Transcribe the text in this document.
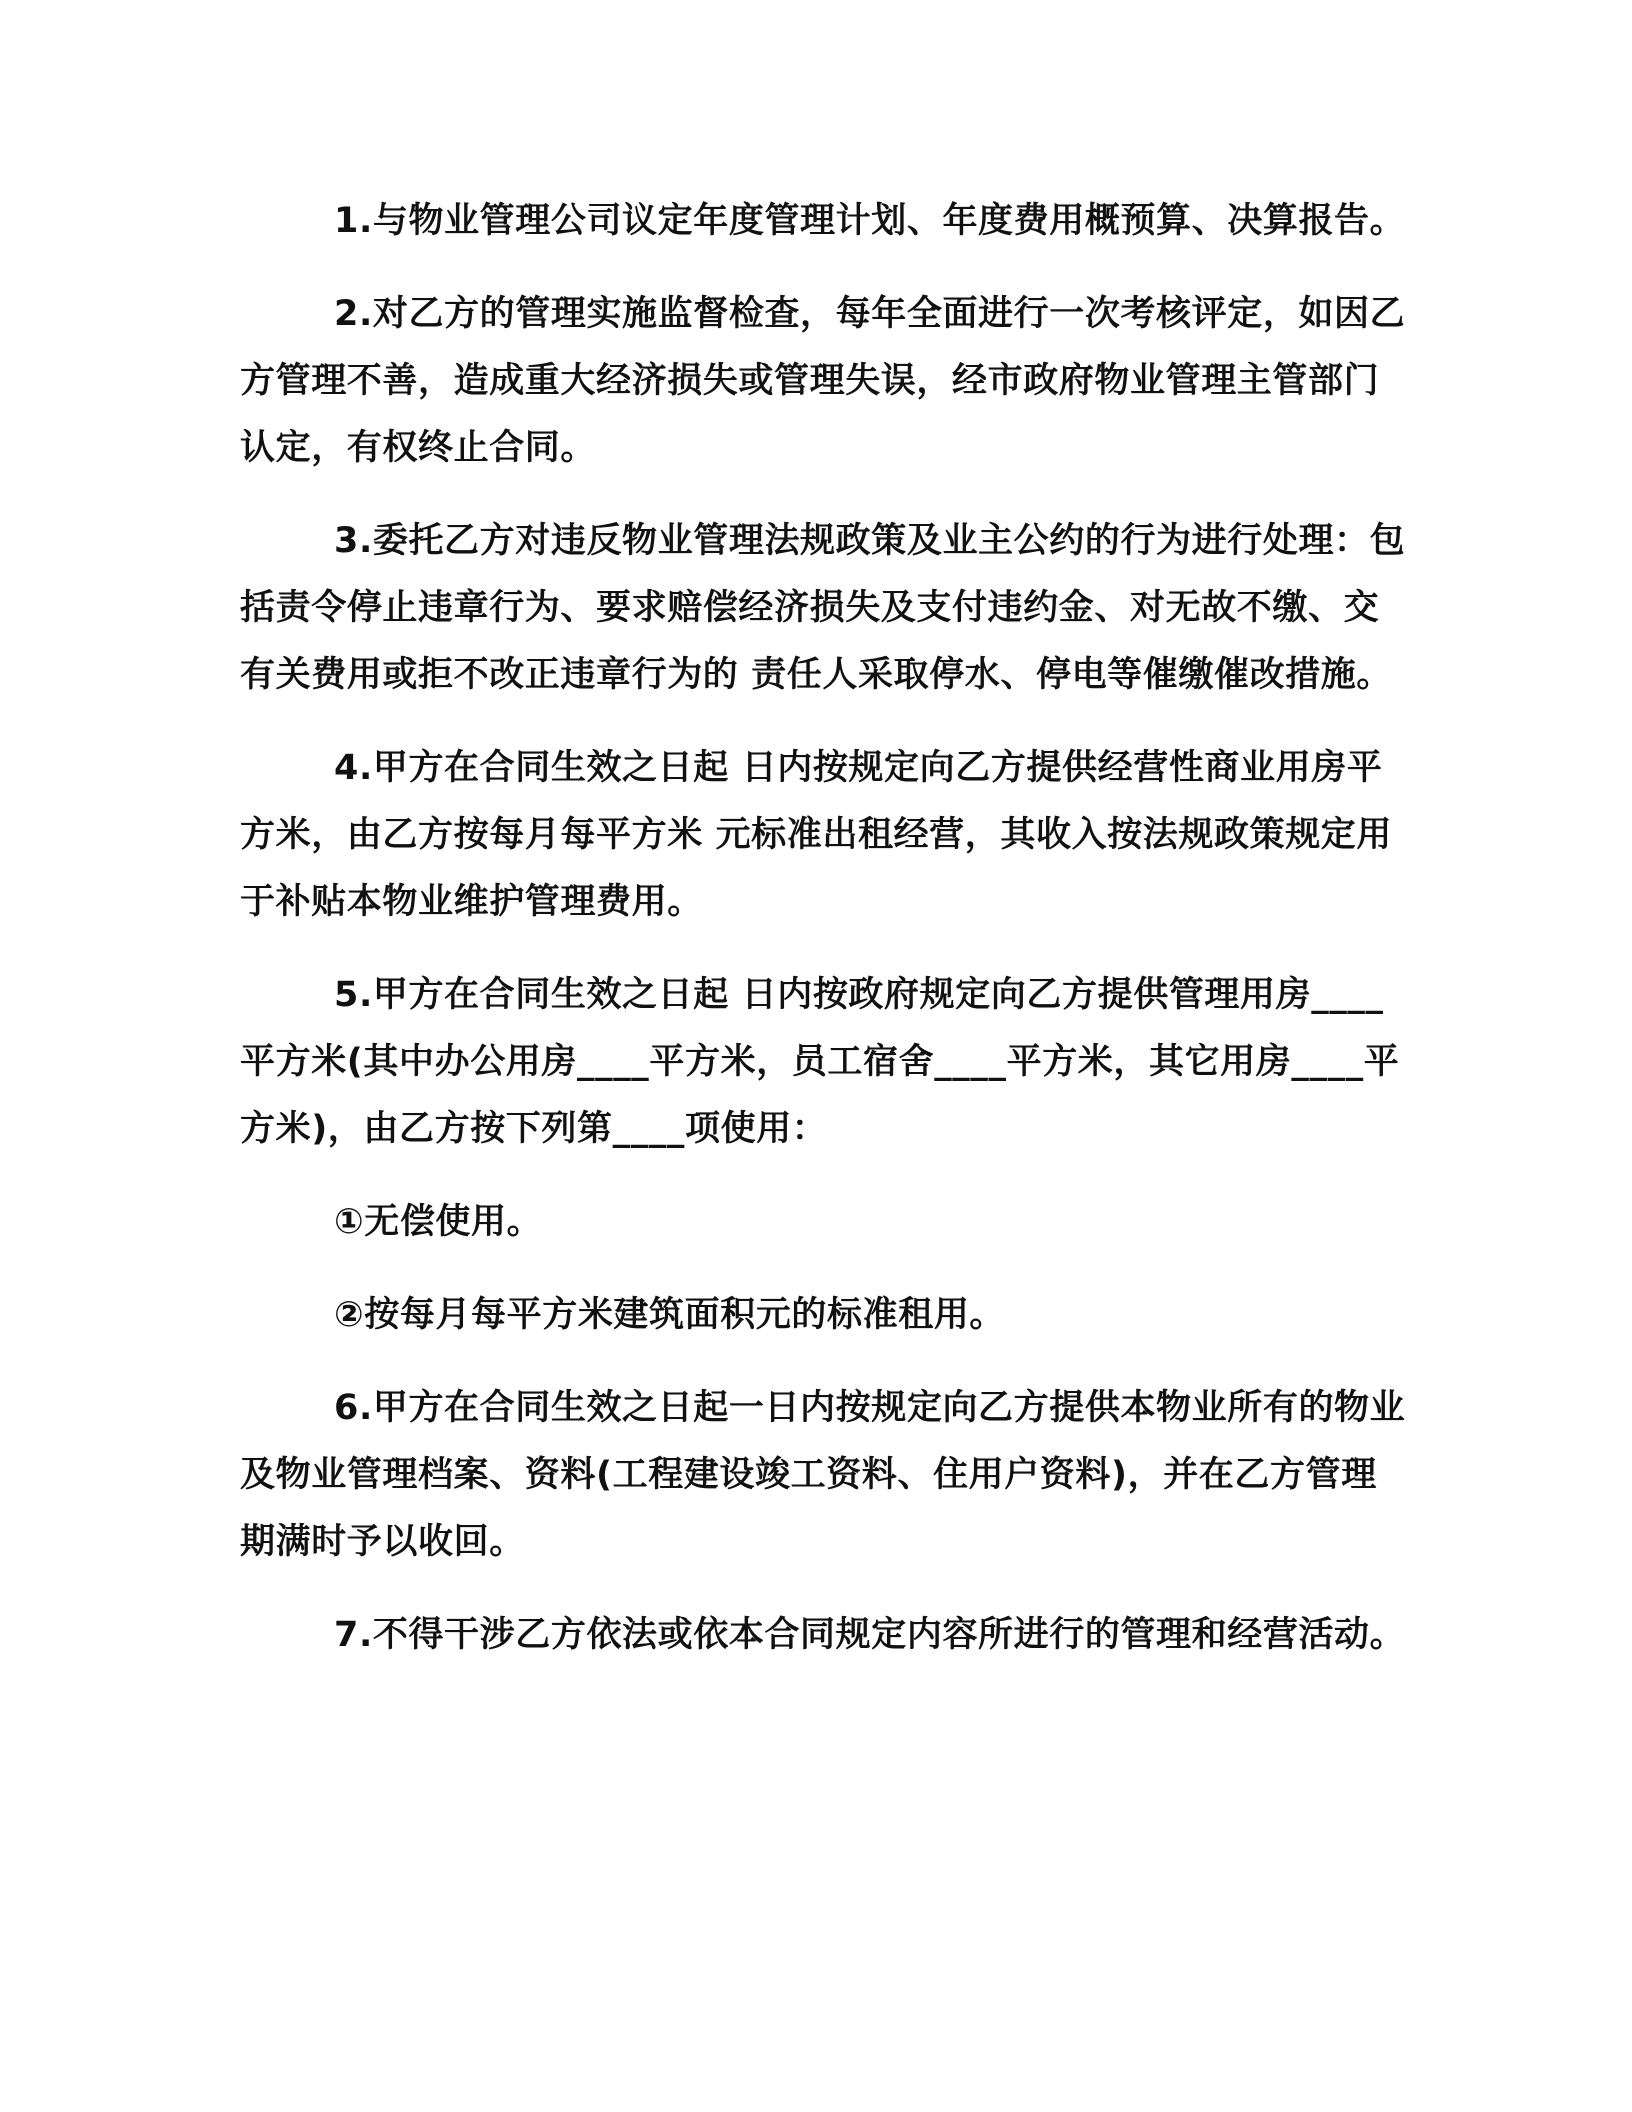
1.与物业管理公司议定年度管理计划、年度费用概预算、决算报告。

2.对乙方的管理实施监督检查，每年全面进行一次考核评定，如因乙方管理不善，造成重大经济损失或管理失误，经市政府物业管理主管部门认定，有权终止合同。

3.委托乙方对违反物业管理法规政策及业主公约的行为进行处理：包括责令停止违章行为、要求赔偿经济损失及支付违约金、对无故不缴、交有关费用或拒不改正违章行为的 责任人采取停水、停电等催缴催改措施。

4.甲方在合同生效之日起 日内按规定向乙方提供经营性商业用房平方米，由乙方按每月每平方米 元标准出租经营，其收入按法规政策规定用于补贴本物业维护管理费用。

5.甲方在合同生效之日起 日内按政府规定向乙方提供管理用房____平方米(其中办公用房____平方米，员工宿舍____平方米，其它用房____平方米)，由乙方按下列第____项使用：

①无偿使用。

②按每月每平方米建筑面积元的标准租用。

6.甲方在合同生效之日起一日内按规定向乙方提供本物业所有的物业及物业管理档案、资料(工程建设竣工资料、住用户资料)，并在乙方管理期满时予以收回。

7.不得干涉乙方依法或依本合同规定内容所进行的管理和经营活动。
